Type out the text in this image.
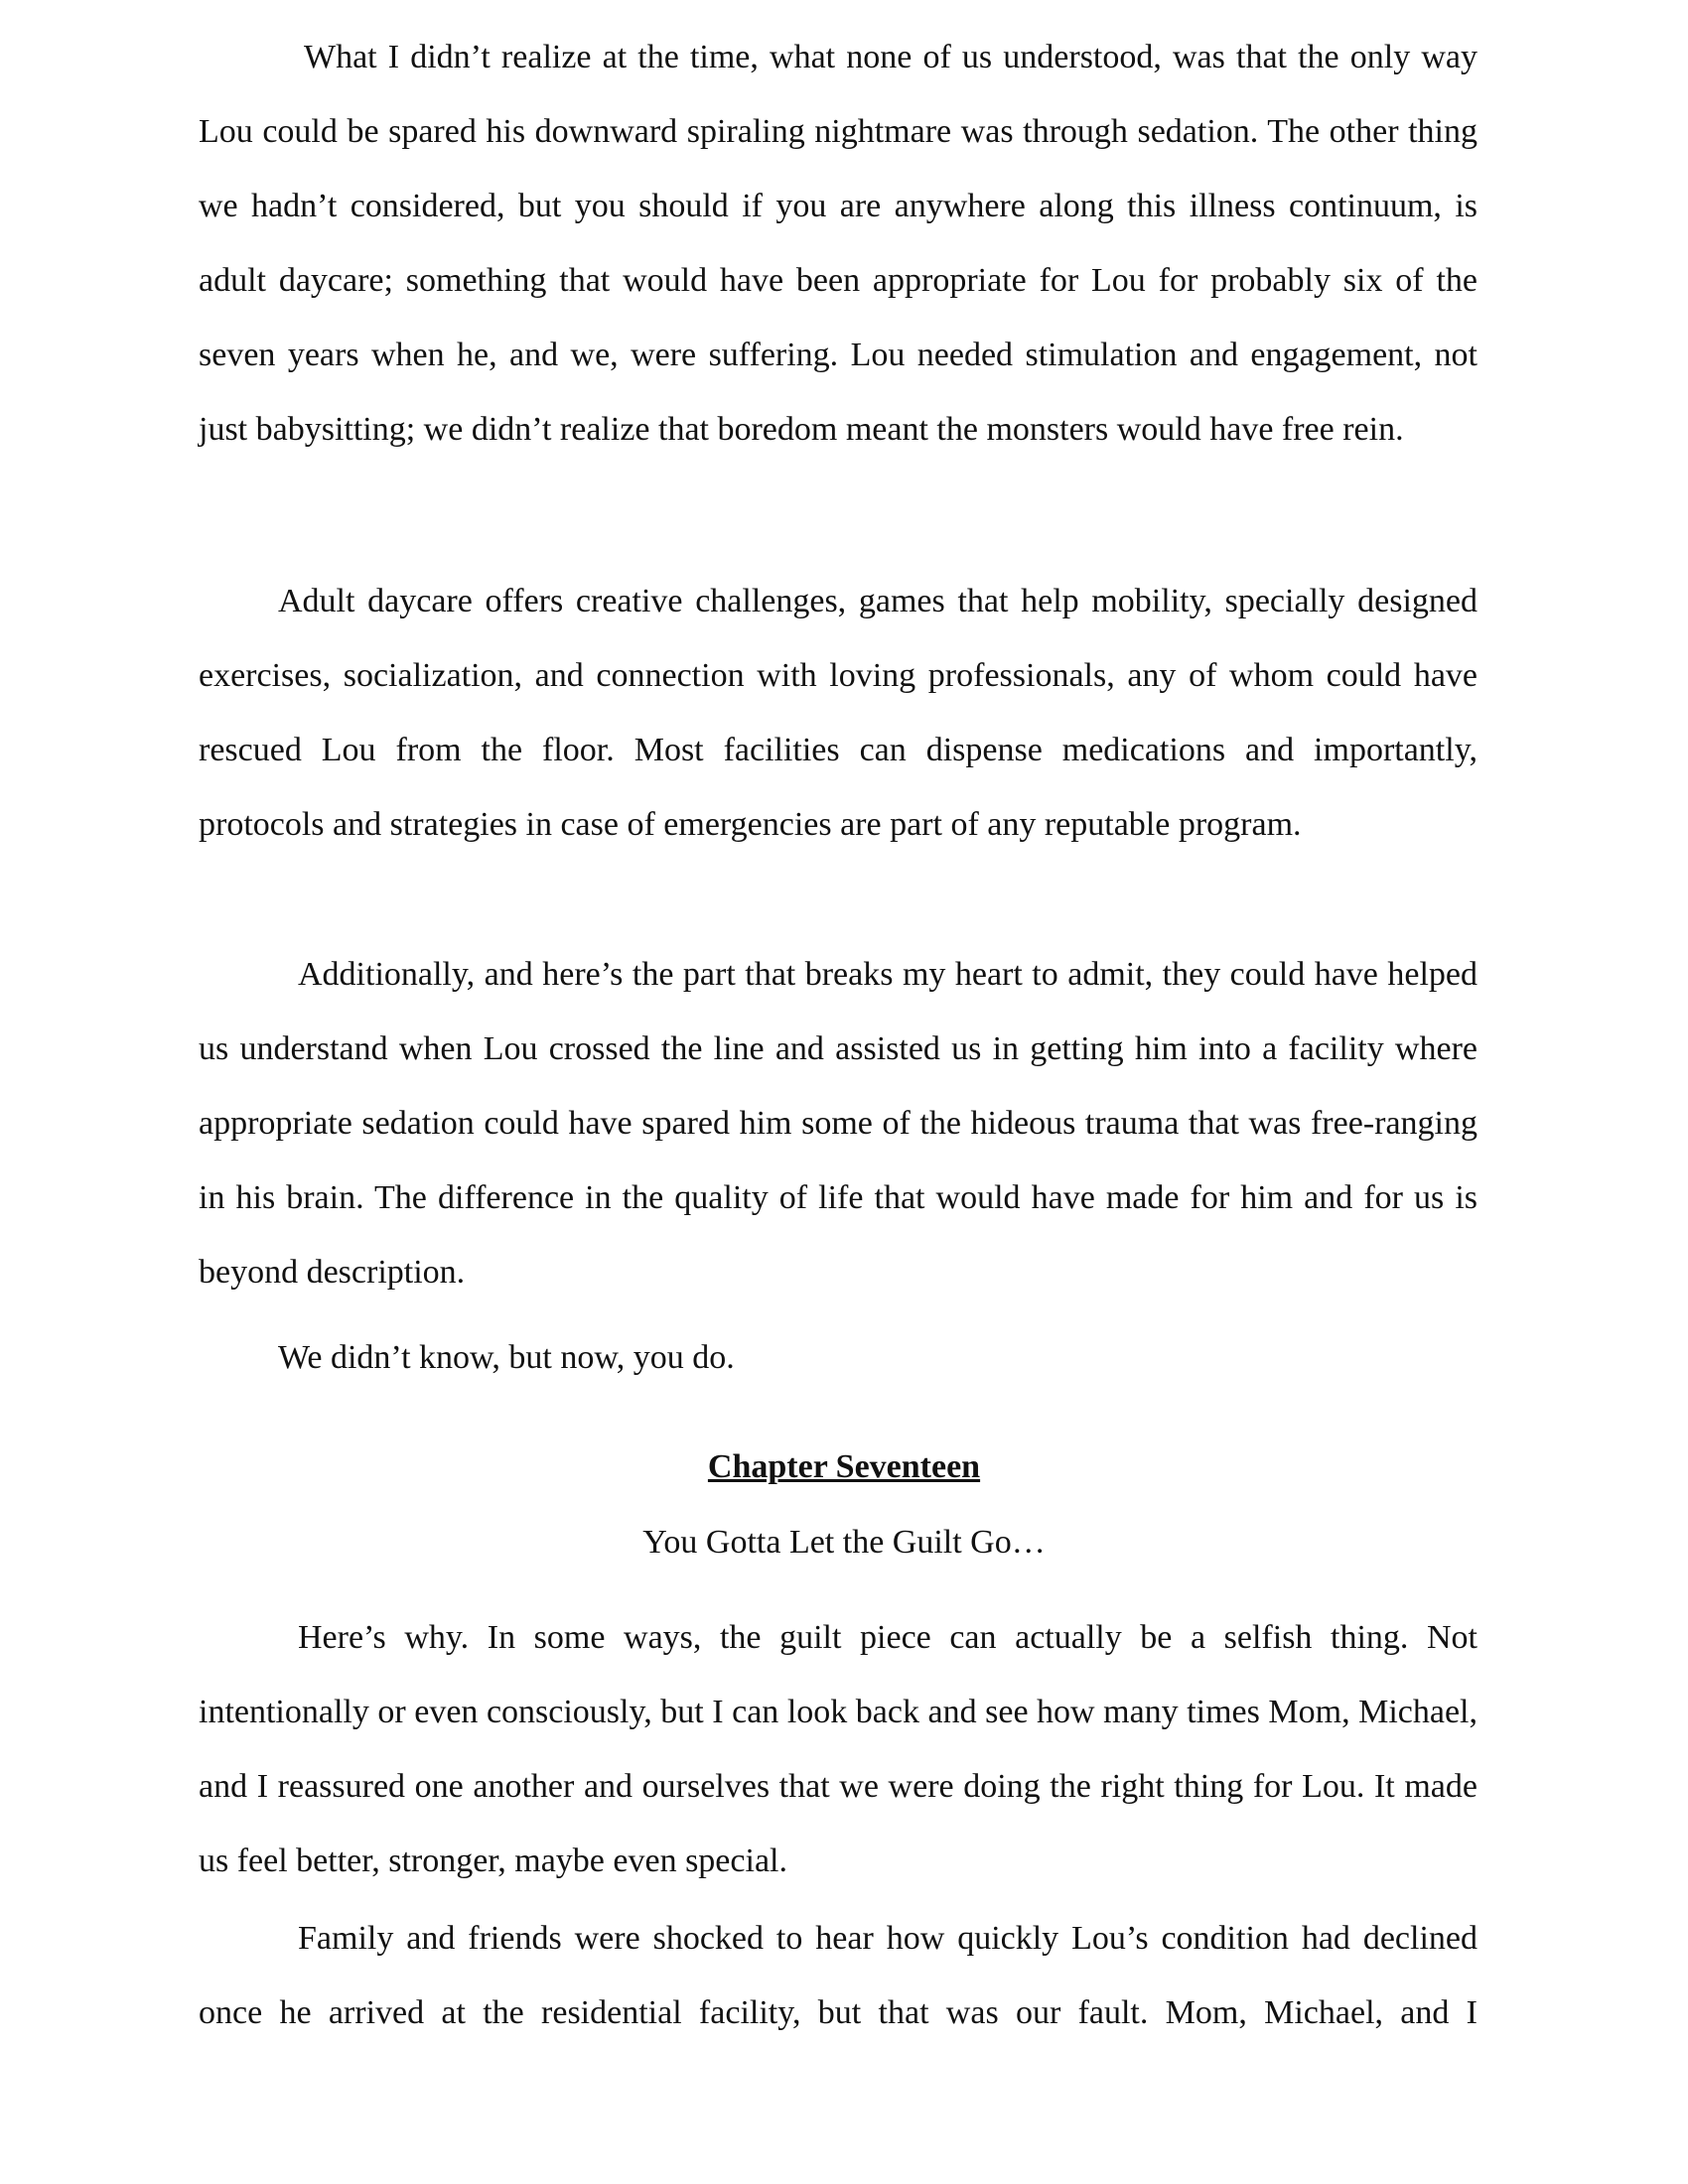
What I didn’t realize at the time, what none of us understood, was that the only way Lou could be spared his downward spiraling nightmare was through sedation. The other thing we hadn’t considered, but you should if you are anywhere along this illness continuum, is adult daycare; something that would have been appropriate for Lou for probably six of the seven years when he, and we, were suffering. Lou needed stimulation and engagement, not just babysitting; we didn’t realize that boredom meant the monsters would have free rein.

Adult daycare offers creative challenges, games that help mobility, specially designed exercises, socialization, and connection with loving professionals, any of whom could have rescued Lou from the floor. Most facilities can dispense medications and importantly, protocols and strategies in case of emergencies are part of any reputable program.

Additionally, and here’s the part that breaks my heart to admit, they could have helped us understand when Lou crossed the line and assisted us in getting him into a facility where appropriate sedation could have spared him some of the hideous trauma that was free-ranging in his brain. The difference in the quality of life that would have made for him and for us is beyond description.

We didn’t know, but now, you do.

Chapter Seventeen

You Gotta Let the Guilt Go…

Here’s why. In some ways, the guilt piece can actually be a selfish thing. Not intentionally or even consciously, but I can look back and see how many times Mom, Michael, and I reassured one another and ourselves that we were doing the right thing for Lou. It made us feel better, stronger, maybe even special.

Family and friends were shocked to hear how quickly Lou’s condition had declined once he arrived at the residential facility, but that was our fault. Mom, Michael, and I
